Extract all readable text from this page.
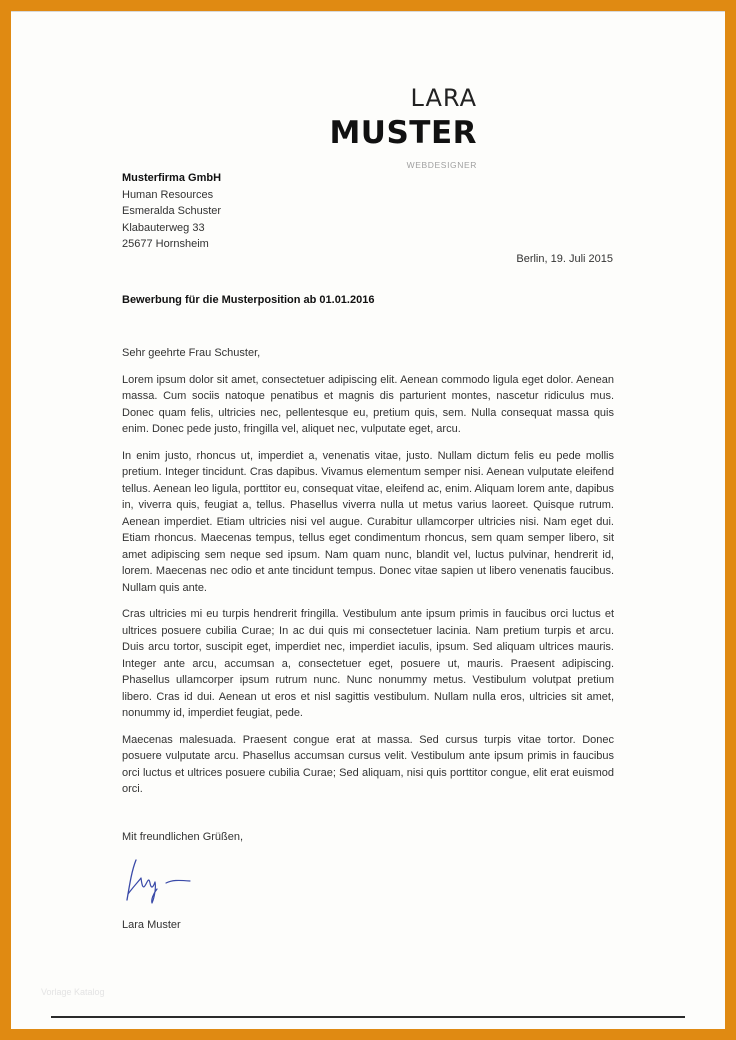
LARA
MUSTER
WEBDESIGNER
Musterfirma GmbH
Human Resources
Esmeralda Schuster
Klabauterweg 33
25677 Hornsheim
Berlin, 19. Juli 2015
Bewerbung für die Musterposition ab 01.01.2016

Sehr geehrte Frau Schuster,

Lorem ipsum dolor sit amet, consectetuer adipiscing elit. Aenean commodo ligula eget dolor. Aenean massa. Cum sociis natoque penatibus et magnis dis parturient montes, nascetur ridiculus mus. Donec quam felis, ultricies nec, pellentesque eu, pretium quis, sem. Nulla consequat massa quis enim. Donec pede justo, fringilla vel, aliquet nec, vulputate eget, arcu.

In enim justo, rhoncus ut, imperdiet a, venenatis vitae, justo. Nullam dictum felis eu pede mollis pretium. Integer tincidunt. Cras dapibus. Vivamus elementum semper nisi. Aenean vulputate eleifend tellus. Aenean leo ligula, porttitor eu, consequat vitae, eleifend ac, enim. Aliquam lorem ante, dapibus in, viverra quis, feugiat a, tellus. Phasellus viverra nulla ut metus varius laoreet. Quisque rutrum. Aenean imperdiet. Etiam ultricies nisi vel augue. Curabitur ullamcorper ultricies nisi. Nam eget dui. Etiam rhoncus. Maecenas tempus, tellus eget condimentum rhoncus, sem quam semper libero, sit amet adipiscing sem neque sed ipsum. Nam quam nunc, blandit vel, luctus pulvinar, hendrerit id, lorem. Maecenas nec odio et ante tincidunt tempus. Donec vitae sapien ut libero venenatis faucibus. Nullam quis ante.

Cras ultricies mi eu turpis hendrerit fringilla. Vestibulum ante ipsum primis in faucibus orci luctus et ultrices posuere cubilia Curae; In ac dui quis mi consectetuer lacinia. Nam pretium turpis et arcu. Duis arcu tortor, suscipit eget, imperdiet nec, imperdiet iaculis, ipsum. Sed aliquam ultrices mauris. Integer ante arcu, accumsan a, consectetuer eget, posuere ut, mauris. Praesent adipiscing. Phasellus ullamcorper ipsum rutrum nunc. Nunc nonummy metus. Vestibulum volutpat pretium libero. Cras id dui. Aenean ut eros et nisl sagittis vestibulum. Nullam nulla eros, ultricies sit amet, nonummy id, imperdiet feugiat, pede.

Maecenas malesuada. Praesent congue erat at massa. Sed cursus turpis vitae tortor. Donec posuere vulputate arcu. Phasellus accumsan cursus velit. Vestibulum ante ipsum primis in faucibus orci luctus et ultrices posuere cubilia Curae; Sed aliquam, nisi quis porttitor congue, elit erat euismod orci.

Mit freundlichen Grüßen,
Lara Muster
Vorlage Katalog
